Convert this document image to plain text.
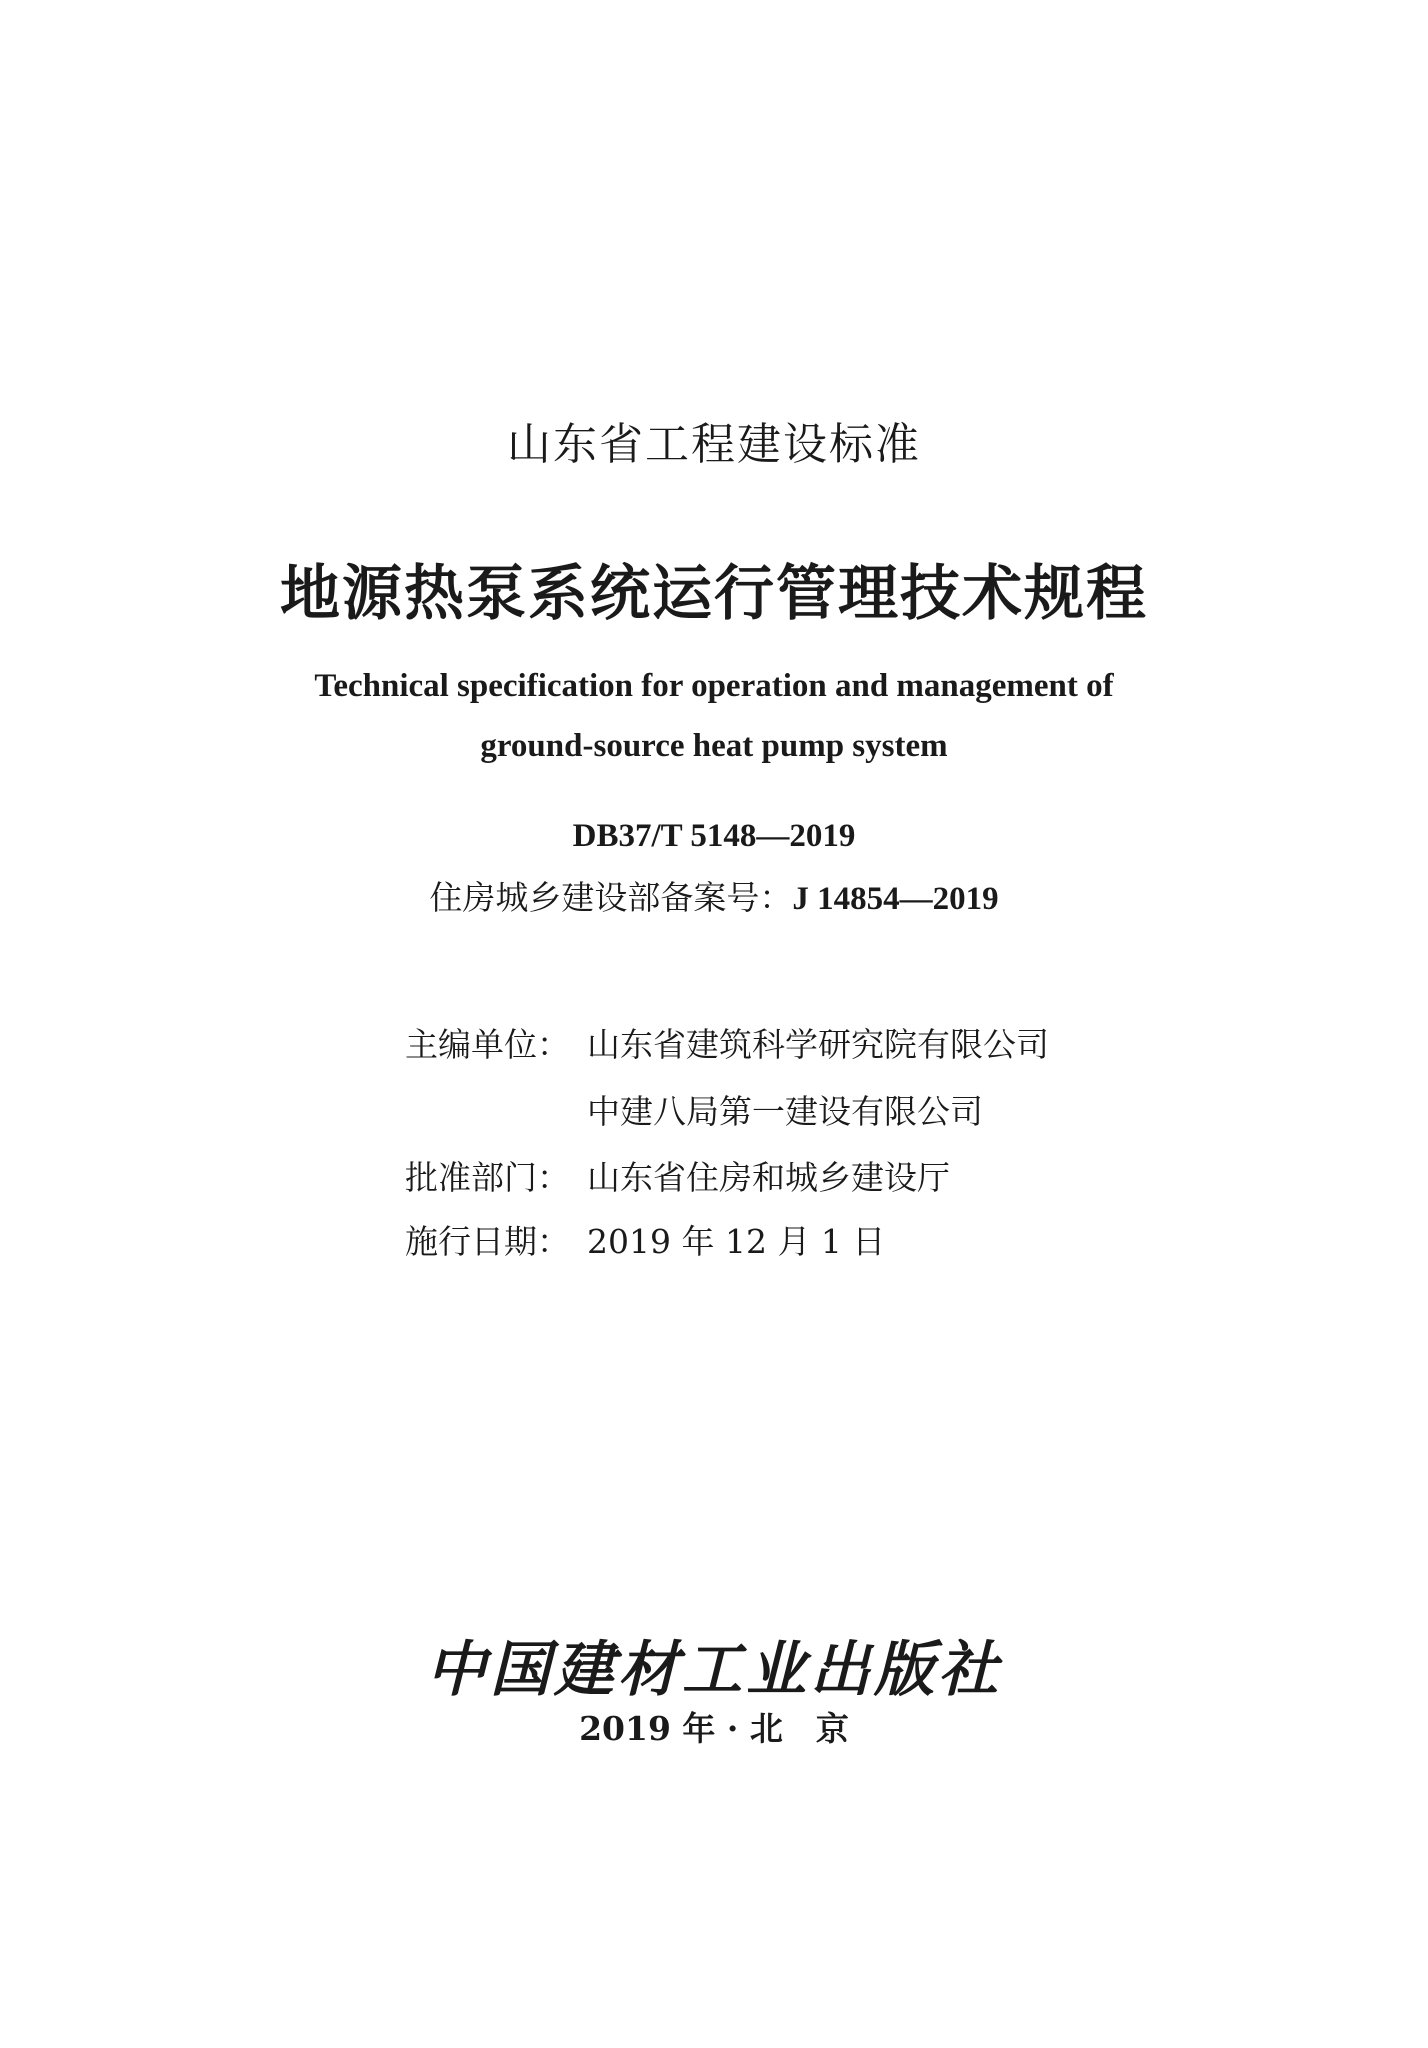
山东省工程建设标准
地源热泵系统运行管理技术规程
Technical specification for operation and management of
ground-source heat pump system
DB37/T 5148—2019
住房城乡建设部备案号：J 14854—2019
主编单位： 山东省建筑科学研究院有限公司
中建八局第一建设有限公司
批准部门： 山东省住房和城乡建设厅
施行日期： 2019 年 12 月 1 日
中国建材工业出版社
2019 年 · 北　京
